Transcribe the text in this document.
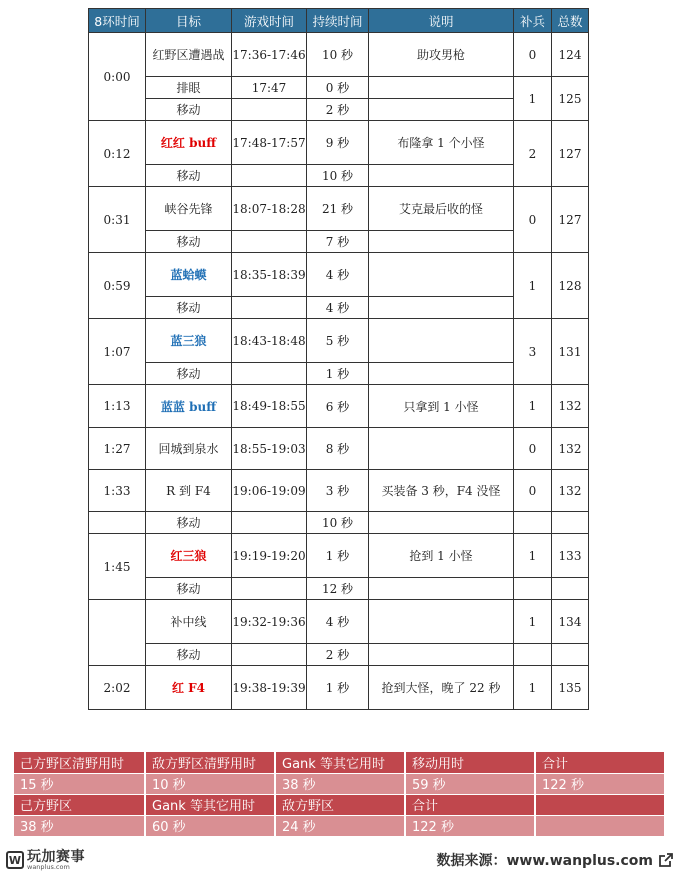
8环时间	目标	游戏时间	持续时间	说明	补兵	总数
0:00	红野区遭遇战	17:36-17:46	10 秒	助攻男枪	0	124
	排眼	17:47	0 秒		1	125
	移动		2 秒			
0:12	红红 buff	17:48-17:57	9 秒	布隆拿 1 个小怪	2	127
	移动		10 秒			
0:31	峡谷先锋	18:07-18:28	21 秒	艾克最后收的怪	0	127
	移动		7 秒			
0:59	蓝蛤蟆	18:35-18:39	4 秒		1	128
	移动		4 秒			
1:07	蓝三狼	18:43-18:48	5 秒		3	131
	移动		1 秒			
1:13	蓝蓝 buff	18:49-18:55	6 秒	只拿到 1 小怪	1	132
1:27	回城到泉水	18:55-19:03	8 秒		0	132
1:33	R 到 F4	19:06-19:09	3 秒	买装备 3 秒，F4 没怪	0	132
	移动		10 秒			
1:45	红三狼	19:19-19:20	1 秒	抢到 1 小怪	1	133
	移动		12 秒			
	补中线	19:32-19:36	4 秒		1	134
	移动		2 秒			
2:02	红 F4	19:38-19:39	1 秒	抢到大怪，晚了 22 秒	1	135
己方野区清野用时	敌方野区清野用时	Gank 等其它用时	移动用时	合计
15 秒	10 秒	38 秒	59 秒	122 秒
己方野区	Gank 等其它用时	敌方野区	合计	
38 秒	60 秒	24 秒	122 秒	
W 玩加赛事
wanplus.com	数据来源：www.wanplus.com
